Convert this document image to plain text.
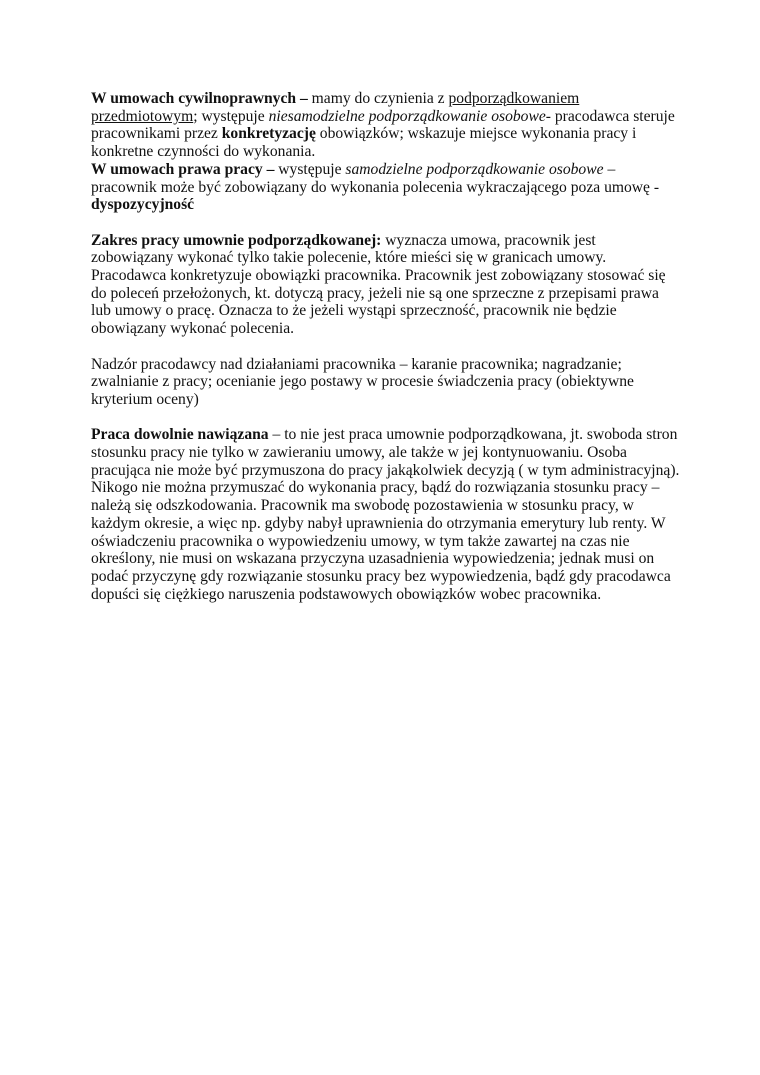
W umowach cywilnoprawnych – mamy do czynienia z podporządkowaniem przedmiotowym; występuje niesamodzielne podporządkowanie osobowe- pracodawca steruje pracownikami przez konkretyzację obowiązków; wskazuje miejsce wykonania pracy i konkretne czynności do wykonania.

W umowach prawa pracy – występuje samodzielne podporządkowanie osobowe – pracownik może być zobowiązany do wykonania polecenia wykraczającego poza umowę - dyspozycyjność

Zakres pracy umownie podporządkowanej: wyznacza umowa, pracownik jest zobowiązany wykonać tylko takie polecenie, które mieści się w granicach umowy. Pracodawca konkretyzuje obowiązki pracownika. Pracownik jest zobowiązany stosować się do poleceń przełożonych, kt. dotyczą pracy, jeżeli nie są one sprzeczne z przepisami prawa lub umowy o pracę. Oznacza to że jeżeli wystąpi sprzeczność, pracownik nie będzie obowiązany wykonać polecenia.

Nadzór pracodawcy nad działaniami pracownika – karanie pracownika; nagradzanie; zwalnianie z pracy; ocenianie jego postawy w procesie świadczenia pracy (obiektywne kryterium oceny)

Praca dowolnie nawiązana – to nie jest praca umownie podporządkowana, jt. swoboda stron stosunku pracy nie tylko w zawieraniu umowy, ale także w jej kontynuowaniu. Osoba pracująca nie może być przymuszona do pracy jakąkolwiek decyzją ( w tym administracyjną). Nikogo nie można przymuszać do wykonania pracy, bądź do rozwiązania stosunku pracy – należą się odszkodowania. Pracownik ma swobodę pozostawienia w stosunku pracy, w każdym okresie, a więc np. gdyby nabył uprawnienia do otrzymania emerytury lub renty. W oświadczeniu pracownika o wypowiedzeniu umowy, w tym także zawartej na czas nie określony, nie musi on wskazana przyczyna uzasadnienia wypowiedzenia; jednak musi on podać przyczynę gdy rozwiązanie stosunku pracy bez wypowiedzenia, bądź gdy pracodawca dopuści się ciężkiego naruszenia podstawowych obowiązków wobec pracownika.
